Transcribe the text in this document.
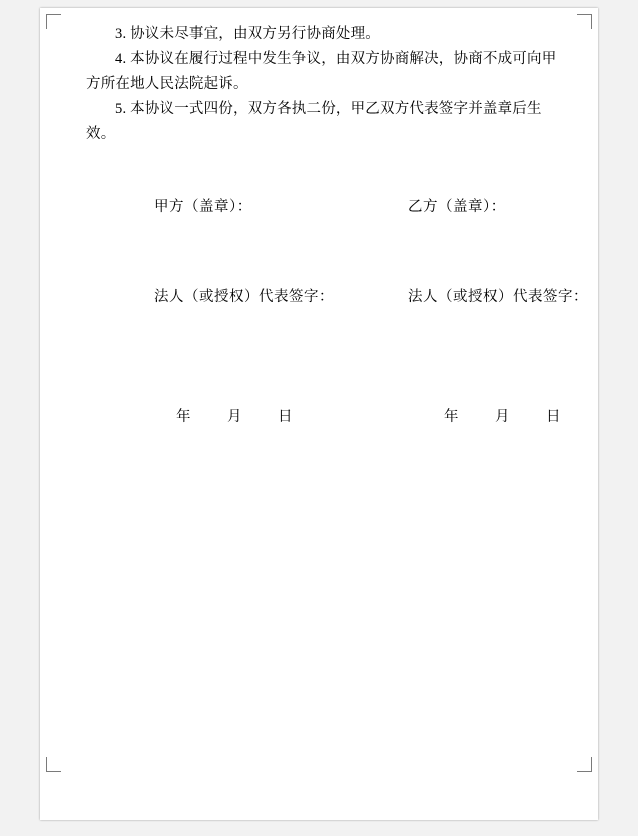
3. 协议未尽事宜，由双方另行协商处理。

4. 本协议在履行过程中发生争议，由双方协商解决，协商不成可向甲方所在地人民法院起诉。

5. 本协议一式四份，双方各执二份，甲乙双方代表签字并盖章后生效。

甲方（盖章）：	乙方（盖章）：
法人（或授权）代表签字：	法人（或授权）代表签字：
年 月 日	年 月 日
